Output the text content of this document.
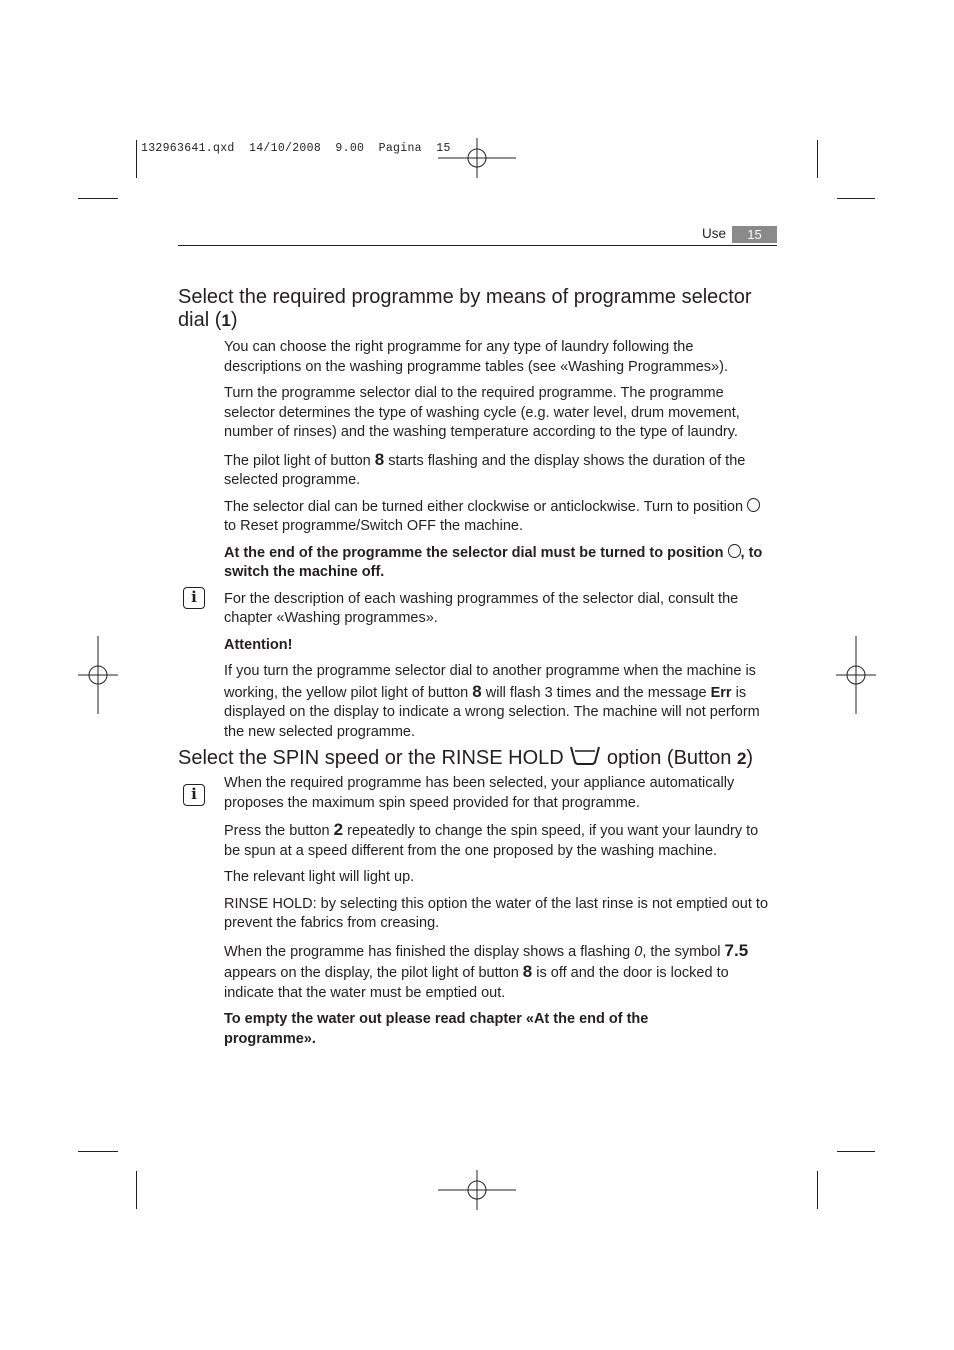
132963641.qxd  14/10/2008  9.00  Pagina  15
Use	15
Select the required programme by means of programme selector dial (1)

You can choose the right programme for any type of laundry following the descriptions on the washing programme tables (see «Washing Programmes»).

Turn the programme selector dial to the required programme. The programme selector determines the type of washing cycle (e.g. water level, drum movement, number of rinses) and the washing temperature according to the type of laundry.

The pilot light of button 8 starts flashing and the display shows the duration of the selected programme.

The selector dial can be turned either clockwise or anticlockwise. Turn to position  to Reset programme/Switch OFF the machine.

At the end of the programme the selector dial must be turned to position , to switch the machine off.

For the description of each washing programmes of the selector dial, consult the chapter «Washing programmes».

Attention!

If you turn the programme selector dial to another programme when the machine is working, the yellow pilot light of button 8 will flash 3 times and the message Err is displayed on the display to indicate a wrong selection. The machine will not perform the new selected programme.

i
Select the SPIN speed or the RINSE HOLD  option (Button 2)

When the required programme has been selected, your appliance automatically proposes the maximum spin speed provided for that programme.

Press the button 2 repeatedly to change the spin speed, if you want your laundry to be spun at a speed different from the one proposed by the washing machine.

The relevant light will light up.

RINSE HOLD: by selecting this option the water of the last rinse is not emptied out to prevent the fabrics from creasing.

When the programme has finished the display shows a flashing 0, the symbol 7.5 appears on the display, the pilot light of button 8 is off and the door is locked to indicate that the water must be emptied out.

To empty the water out please read chapter «At the end of the programme».

i
